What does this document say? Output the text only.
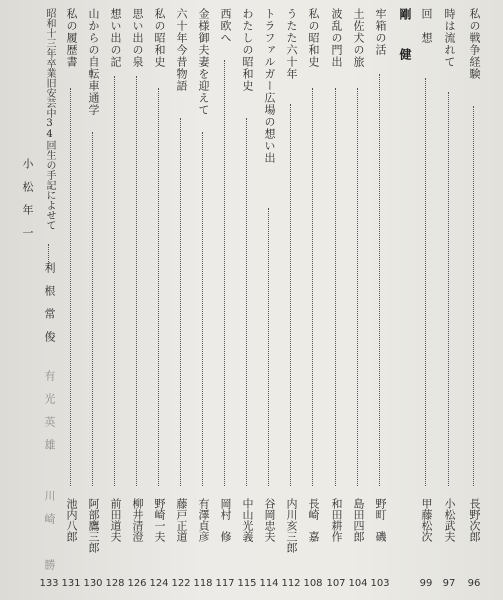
剛　健	私の戦争経験
長野次郎
96
時は流れて
小松武夫
97
回　想
甲藤松次
99
牢箱の活
野町　磯
103
土佐犬の旅
島田四郎
104
波乱の門出
和田耕作
107
私の昭和史
長崎　嘉
108
うたた六十年
内川亥三郎
112
トラファルガー広場の想い出
谷岡忠夫
114
わたしの昭和史
中山光義
115
西欧へ
岡村　修
117
金様御夫妻を迎えて
有澤貞彦
118
六十年今昔物語
藤戸正道
122
私の昭和史
野崎一夫
124
思い出の泉
柳井清澄
126
想い出の記
前田道夫
128
山からの自転車通学
阿部鷹三郎
130
私の履歴書
池内八郎
131
昭和十三年卒業旧安芸中34回生の手記によせて
133
利根常俊
小松年一
有光英雄
川崎　勝
